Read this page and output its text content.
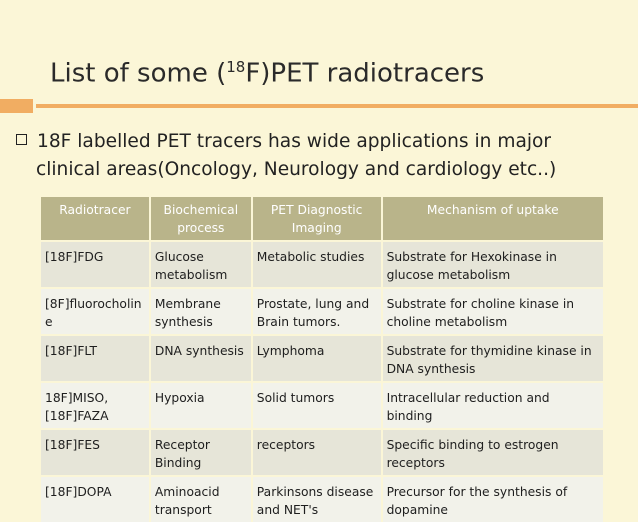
List of some ($^{18}$F)PET radiotracers
18F labelled PET tracers has wide applications in major
clinical areas(Oncology, Neurology and cardiology etc..)
Radiotracer	Biochemical process	PET Diagnostic Imaging	Mechanism of uptake
[18F]FDG	Glucose metabolism	Metabolic studies	Substrate for Hexokinase in glucose metabolism
[8F]fluorocholine	Membrane synthesis	Prostate, lung and Brain tumors.	Substrate for choline kinase in choline metabolism
[18F]FLT	DNA synthesis	Lymphoma	Substrate for thymidine kinase in DNA synthesis
18F]MISO, [18F]FAZA	Hypoxia	Solid tumors	Intracellular reduction and binding
[18F]FES	Receptor Binding	receptors	Specific binding to estrogen receptors
[18F]DOPA	Aminoacid transport	Parkinsons disease and NET's	Precursor for the synthesis of dopamine
